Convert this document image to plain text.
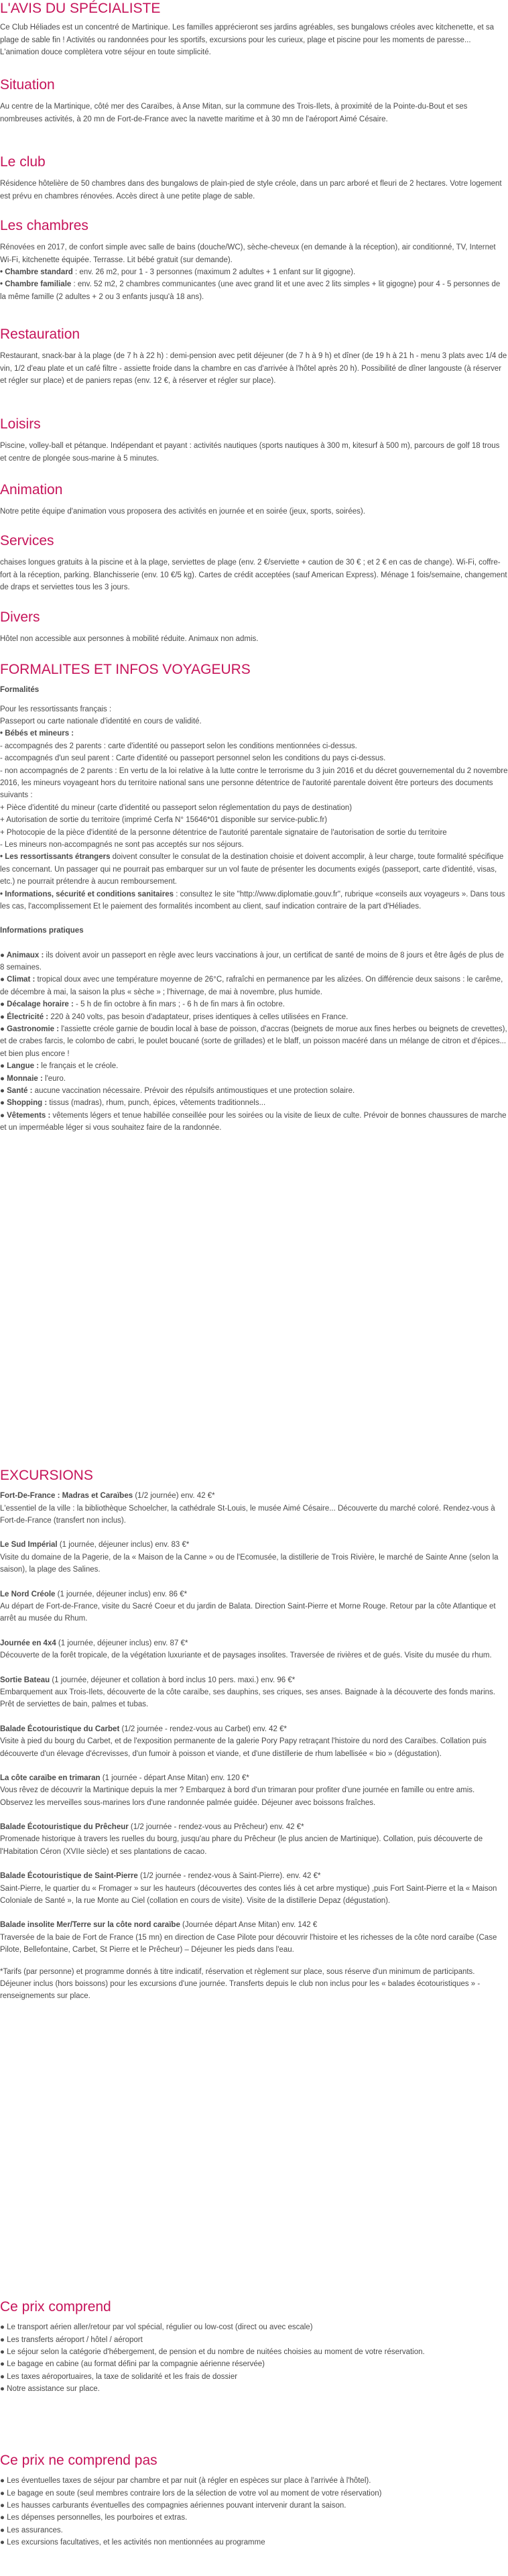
L'AVIS DU SPÉCIALISTE

Ce Club Héliades est un concentré de Martinique. Les familles apprécieront ses jardins agréables, ses bungalows créoles avec kitchenette, et sa plage de sable fin ! Activités ou randonnées pour les sportifs, excursions pour les curieux, plage et piscine pour les moments de paresse... L'animation douce complètera votre séjour en toute simplicité.

Situation

Au centre de la Martinique, côté mer des Caraïbes, à Anse Mitan, sur la commune des Trois-Ilets, à proximité de la Pointe-du-Bout et ses nombreuses activités, à 20 mn de Fort-de-France avec la navette maritime et à 30 mn de l'aéroport Aimé Césaire.

Le club

Résidence hôtelière de 50 chambres dans des bungalows de plain-pied de style créole, dans un parc arboré et fleuri de 2 hectares. Votre logement est prévu en chambres rénovées. Accès direct à une petite plage de sable.

Les chambres

Rénovées en 2017, de confort simple avec salle de bains (douche/WC), sèche-cheveux (en demande à la réception), air conditionné, TV, Internet Wi-Fi, kitchenette équipée. Terrasse. Lit bébé gratuit (sur demande).

• Chambre standard : env. 26 m2, pour 1 - 3 personnes (maximum 2 adultes + 1 enfant sur lit gigogne).

• Chambre familiale : env. 52 m2, 2 chambres communicantes (une avec grand lit et une avec 2 lits simples + lit gigogne) pour 4 - 5 personnes de la même famille (2 adultes + 2 ou 3 enfants jusqu'à 18 ans).

Restauration

Restaurant, snack-bar à la plage (de 7 h à 22 h) : demi-pension avec petit déjeuner (de 7 h à 9 h) et dîner (de 19 h à 21 h - menu 3 plats avec 1/4 de vin, 1/2 d'eau plate et un café filtre - assiette froide dans la chambre en cas d'arrivée à l'hôtel après 20 h). Possibilité de dîner langouste (à réserver et régler sur place) et de paniers repas (env. 12 €, à réserver et régler sur place).

Loisirs

Piscine, volley-ball et pétanque. Indépendant et payant : activités nautiques (sports nautiques à 300 m, kitesurf à 500 m), parcours de golf 18 trous et centre de plongée sous-marine à 5 minutes.

Animation

Notre petite équipe d'animation vous proposera des activités en journée et en soirée (jeux, sports, soirées).

Services

chaises longues gratuits à la piscine et à la plage, serviettes de plage (env. 2 €/serviette + caution de 30 € ; et 2 € en cas de change). Wi-Fi, coffre-fort à la réception, parking. Blanchisserie (env. 10 €/5 kg). Cartes de crédit acceptées (sauf American Express). Ménage 1 fois/semaine, changement de draps et serviettes tous les 3 jours.

Divers

Hôtel non accessible aux personnes à mobilité réduite. Animaux non admis.

FORMALITES ET INFOS VOYAGEURS

Formalités

Pour les ressortissants français :

Passeport ou carte nationale d'identité en cours de validité.

• Bébés et mineurs :

- accompagnés des 2 parents : carte d'identité ou passeport selon les conditions mentionnées ci-dessus.

- accompagnés d'un seul parent : Carte d'identité ou passeport personnel selon les conditions du pays ci-dessus.

- non accompagnés de 2 parents : En vertu de la loi relative à la lutte contre le terrorisme du 3 juin 2016 et du décret gouvernemental du 2 novembre 2016, les mineurs voyageant hors du territoire national sans une personne détentrice de l'autorité parentale doivent être porteurs des documents suivants :

+ Pièce d'identité du mineur (carte d'identité ou passeport selon réglementation du pays de destination)

+ Autorisation de sortie du territoire (imprimé Cerfa N° 15646*01 disponible sur service-public.fr)

+ Photocopie de la pièce d'identité de la personne détentrice de l'autorité parentale signataire de l'autorisation de sortie du territoire

- Les mineurs non-accompagnés ne sont pas acceptés sur nos séjours.

• Les ressortissants étrangers doivent consulter le consulat de la destination choisie et doivent accomplir, à leur charge, toute formalité spécifique les concernant. Un passager qui ne pourrait pas embarquer sur un vol faute de présenter les documents exigés (passeport, carte d'identité, visas, etc.) ne pourrait prétendre à aucun remboursement.

• Informations, sécurité et conditions sanitaires : consultez le site "http://www.diplomatie.gouv.fr", rubrique «conseils aux voyageurs ». Dans tous les cas, l'accomplissement Et le paiement des formalités incombent au client, sauf indication contraire de la part d'Héliades.

Informations pratiques

● Animaux : ils doivent avoir un passeport en règle avec leurs vaccinations à jour, un certificat de santé de moins de 8 jours et être âgés de plus de 8 semaines.

● Climat : tropical doux avec une température moyenne de 26°C, rafraîchi en permanence par les alizées. On différencie deux saisons : le carême, de décembre à mai, la saison la plus « sèche » ; l'hivernage, de mai à novembre, plus humide.

● Décalage horaire : - 5 h de fin octobre à fin mars ; - 6 h de fin mars à fin octobre.

● Électricité : 220 à 240 volts, pas besoin d'adaptateur, prises identiques à celles utilisées en France.

● Gastronomie : l'assiette créole garnie de boudin local à base de poisson, d'accras (beignets de morue aux fines herbes ou beignets de crevettes), et de crabes farcis, le colombo de cabri, le poulet boucané (sorte de grillades) et le blaff, un poisson macéré dans un mélange de citron et d'épices... et bien plus encore !

● Langue : le français et le créole.

● Monnaie : l'euro.

● Santé : aucune vaccination nécessaire. Prévoir des répulsifs antimoustiques et une protection solaire.

● Shopping : tissus (madras), rhum, punch, épices, vêtements traditionnels...

● Vêtements : vêtements légers et tenue habillée conseillée pour les soirées ou la visite de lieux de culte. Prévoir de bonnes chaussures de marche et un imperméable léger si vous souhaitez faire de la randonnée.

EXCURSIONS

Fort-De-France : Madras et Caraïbes (1/2 journée) env. 42 €*

L'essentiel de la ville : la bibliothèque Schoelcher, la cathédrale St-Louis, le musée Aimé Césaire... Découverte du marché coloré. Rendez-vous à Fort-de-France (transfert non inclus).

Le Sud Impérial (1 journée, déjeuner inclus) env. 83 €*

Visite du domaine de la Pagerie, de la « Maison de la Canne » ou de l'Ecomusée, la distillerie de Trois Rivière, le marché de Sainte Anne (selon la saison), la plage des Salines.

Le Nord Créole (1 journée, déjeuner inclus) env. 86 €*

Au départ de Fort-de-France, visite du Sacré Coeur et du jardin de Balata. Direction Saint-Pierre et Morne Rouge. Retour par la côte Atlantique et arrêt au musée du Rhum.

Journée en 4x4 (1 journée, déjeuner inclus) env. 87 €*

Découverte de la forêt tropicale, de la végétation luxuriante et de paysages insolites. Traversée de rivières et de gués. Visite du musée du rhum.

Sortie Bateau (1 journée, déjeuner et collation à bord inclus 10 pers. maxi.) env. 96 €*

Embarquement aux Trois-Ilets, découverte de la côte caraïbe, ses dauphins, ses criques, ses anses. Baignade à la découverte des fonds marins. Prêt de serviettes de bain, palmes et tubas.

Balade Écotouristique du Carbet (1/2 journée - rendez-vous au Carbet) env. 42 €*

Visite à pied du bourg du Carbet, et de l'exposition permanente de la galerie Pory Papy retraçant l'histoire du nord des Caraïbes. Collation puis découverte d'un élevage d'écrevisses, d'un fumoir à poisson et viande, et d'une distillerie de rhum labellisée « bio » (dégustation).

La côte caraïbe en trimaran (1 journée - départ Anse Mitan) env. 120 €*

Vous rêvez de découvrir la Martinique depuis la mer ? Embarquez à bord d'un trimaran pour profiter d'une journée en famille ou entre amis. Observez les merveilles sous-marines lors d'une randonnée palmée guidée. Déjeuner avec boissons fraîches.

Balade Écotouristique du Prêcheur (1/2 journée - rendez-vous au Prêcheur) env. 42 €*

Promenade historique à travers les ruelles du bourg, jusqu'au phare du Prêcheur (le plus ancien de Martinique). Collation, puis découverte de l'Habitation Céron (XVIIe siècle) et ses plantations de cacao.

Balade Écotouristique de Saint-Pierre (1/2 journée - rendez-vous à Saint-Pierre). env. 42 €*

Saint-Pierre, le quartier du « Fromager » sur les hauteurs (découvertes des contes liés à cet arbre mystique) ,puis Fort Saint-Pierre et la « Maison Coloniale de Santé », la rue Monte au Ciel (collation en cours de visite). Visite de la distillerie Depaz (dégustation).

Balade insolite Mer/Terre sur la côte nord caraïbe (Journée départ Anse Mitan) env. 142 €

Traversée de la baie de Fort de France (15 mn) en direction de Case Pilote pour découvrir l'histoire et les richesses de la côte nord caraïbe (Case Pilote, Bellefontaine, Carbet, St Pierre et le Prêcheur) – Déjeuner les pieds dans l'eau.

*Tarifs (par personne) et programme donnés à titre indicatif, réservation et règlement sur place, sous réserve d'un minimum de participants. Déjeuner inclus (hors boissons) pour les excursions d'une journée. Transferts depuis le club non inclus pour les « balades écotouristiques » - renseignements sur place.

Ce prix comprend

● Le transport aérien aller/retour par vol spécial, régulier ou low-cost (direct ou avec escale)

● Les transferts aéroport / hôtel / aéroport

● Le séjour selon la catégorie d'hébergement, de pension et du nombre de nuitées choisies au moment de votre réservation.

● Le bagage en cabine (au format défini par la compagnie aérienne réservée)

● Les taxes aéroportuaires, la taxe de solidarité et les frais de dossier

● Notre assistance sur place.

Ce prix ne comprend pas

● Les éventuelles taxes de séjour par chambre et par nuit (à régler en espèces sur place à l'arrivée à l'hôtel).

● Le bagage en soute (seul membres contraire lors de la sélection de votre vol au moment de votre réservation)

● Les hausses carburants éventuelles des compagnies aériennes pouvant intervenir durant la saison.

● Les dépenses personnelles, les pourboires et extras.

● Les assurances.

● Les excursions facultatives, et les activités non mentionnées au programme
